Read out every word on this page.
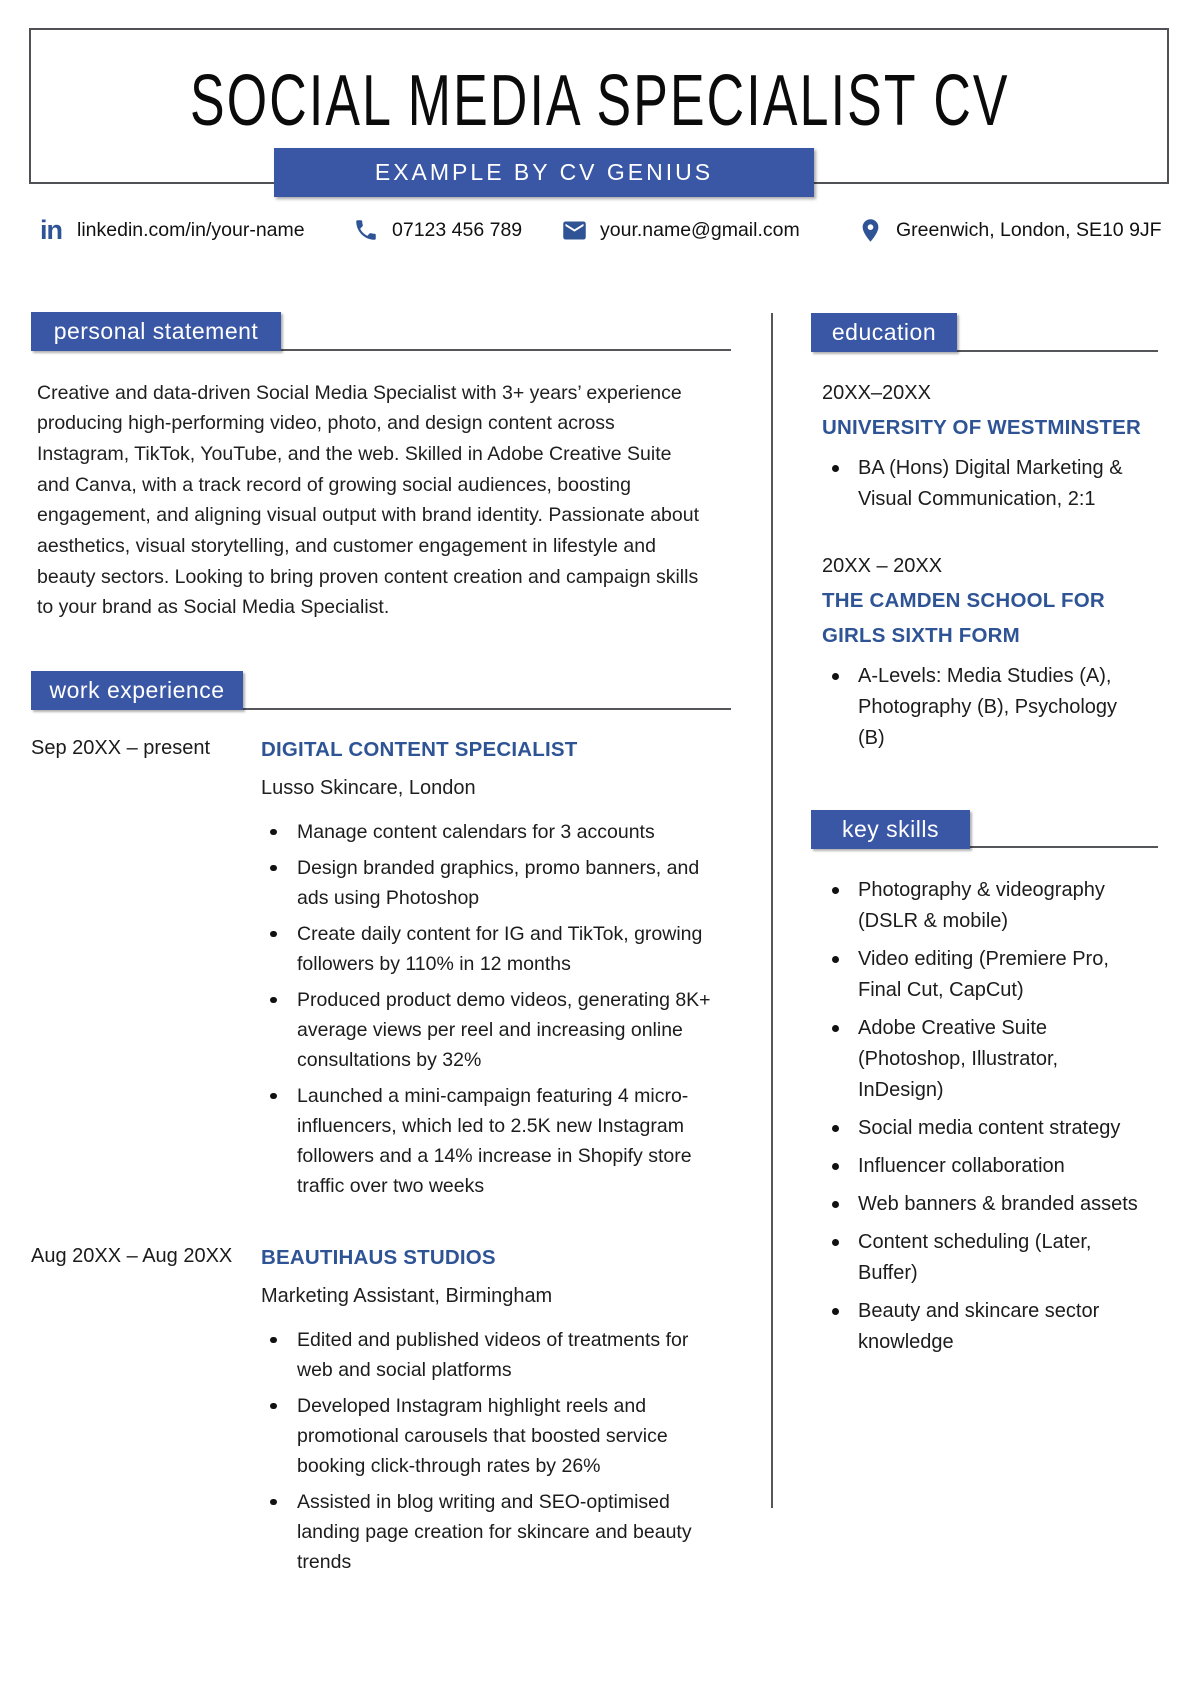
SOCIAL MEDIA SPECIALIST CV
EXAMPLE BY CV GENIUS
in linkedin.com/in/your-name	07123 456 789	your.name@gmail.com	Greenwich, London, SE10 9JF
personal statement
Creative and data-driven Social Media Specialist with 3+ years’ experience producing high-performing video, photo, and design content across Instagram, TikTok, YouTube, and the web. Skilled in Adobe Creative Suite and Canva, with a track record of growing social audiences, boosting engagement, and aligning visual output with brand identity. Passionate about aesthetics, visual storytelling, and customer engagement in lifestyle and beauty sectors. Looking to bring proven content creation and campaign skills to your brand as Social Media Specialist.
work experience
Sep 20XX – present	DIGITAL CONTENT SPECIALIST
Lusso Skincare, London
Manage content calendars for 3 accounts
Design branded graphics, promo banners, and ads using Photoshop
Create daily content for IG and TikTok, growing followers by 110% in 12 months
Produced product demo videos, generating 8K+ average views per reel and increasing online consultations by 32%
Launched a mini-campaign featuring 4 micro-influencers, which led to 2.5K new Instagram followers and a 14% increase in Shopify store traffic over two weeks
Aug 20XX – Aug 20XX	BEAUTIHAUS STUDIOS
Marketing Assistant, Birmingham
Edited and published videos of treatments for web and social platforms
Developed Instagram highlight reels and promotional carousels that boosted service booking click-through rates by 26%
Assisted in blog writing and SEO-optimised landing page creation for skincare and beauty trends
education
20XX–20XX
UNIVERSITY OF WESTMINSTER
BA (Hons) Digital Marketing & Visual Communication, 2:1
20XX – 20XX
THE CAMDEN SCHOOL FOR GIRLS SIXTH FORM
A-Levels: Media Studies (A), Photography (B), Psychology (B)
key skills
Photography & videography (DSLR & mobile)
Video editing (Premiere Pro, Final Cut, CapCut)
Adobe Creative Suite (Photoshop, Illustrator, InDesign)
Social media content strategy
Influencer collaboration
Web banners & branded assets
Content scheduling (Later, Buffer)
Beauty and skincare sector knowledge
